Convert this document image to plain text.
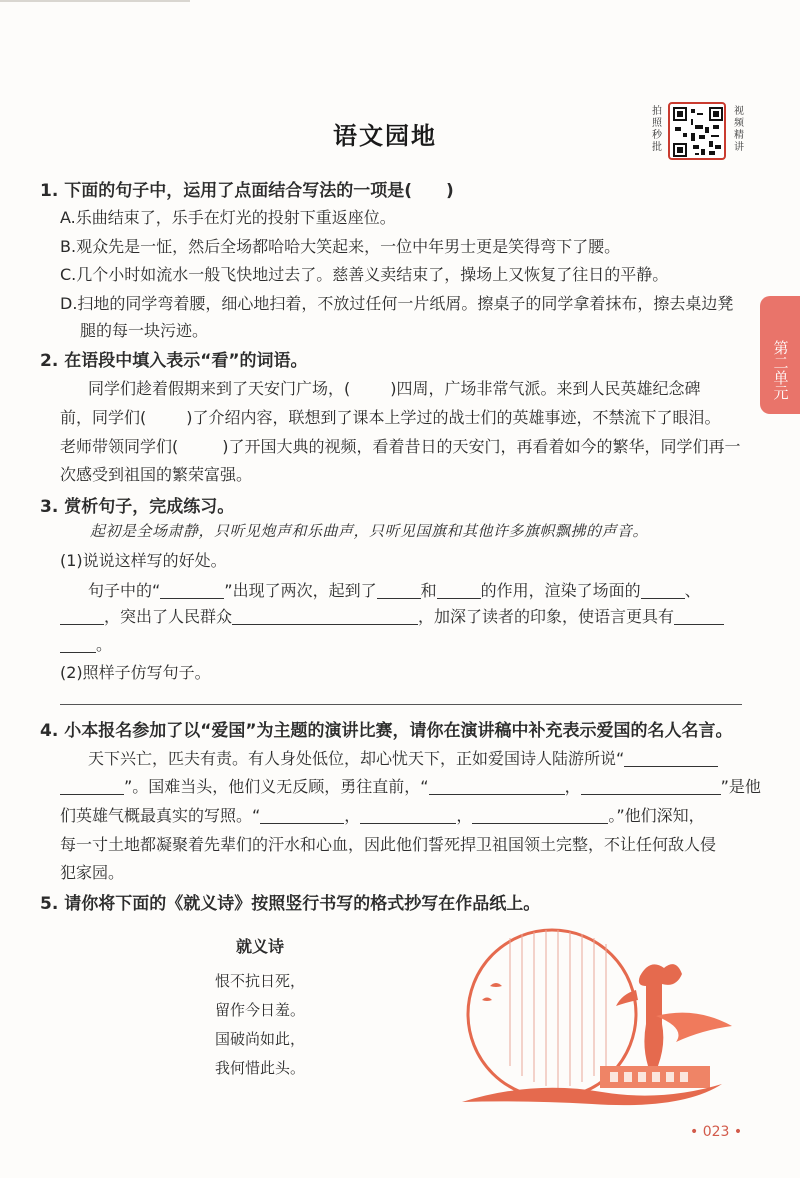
语文园地
拍照秒批
视频精讲
第二单元
1. 下面的句子中，运用了点面结合写法的一项是(　　)
A.乐曲结束了，乐手在灯光的投射下重返座位。
B.观众先是一怔，然后全场都哈哈大笑起来，一位中年男士更是笑得弯下了腰。
C.几个小时如流水一般飞快地过去了。慈善义卖结束了，操场上又恢复了往日的平静。
D.扫地的同学弯着腰，细心地扫着，不放过任何一片纸屑。擦桌子的同学拿着抹布，擦去桌边凳
腿的每一块污迹。
2. 在语段中填入表示“看”的词语。
同学们趁着假期来到了天安门广场，(	)四周，广场非常气派。来到人民英雄纪念碑
前，同学们(	)了介绍内容，联想到了课本上学过的战士们的英雄事迹，不禁流下了眼泪。
老师带领同学们(	)了开国大典的视频，看着昔日的天安门，再看着如今的繁华，同学们再一
次感受到祖国的繁荣富强。
3. 赏析句子，完成练习。
起初是全场肃静，只听见炮声和乐曲声，只听见国旗和其他许多旗帜飘拂的声音。
(1)说说这样写的好处。
句子中的“	”出现了两次，起到了	和	的作用，渲染了场面的	、
，突出了人民群众	，加深了读者的印象，使语言更具有
。
(2)照样子仿写句子。
4. 小本报名参加了以“爱国”为主题的演讲比赛，请你在演讲稿中补充表示爱国的名人名言。
天下兴亡，匹夫有责。有人身处低位，却心忧天下，正如爱国诗人陆游所说“
”。国难当头，他们义无反顾，勇往直前，“	，	”是他
们英雄气概最真实的写照。“	，	，	。”他们深知，
每一寸土地都凝聚着先辈们的汗水和心血，因此他们誓死捍卫祖国领土完整，不让任何敌人侵
犯家园。
5. 请你将下面的《就义诗》按照竖行书写的格式抄写在作品纸上。
就义诗
恨不抗日死，
留作今日羞。
国破尚如此，
我何惜此头。
• 023 •
